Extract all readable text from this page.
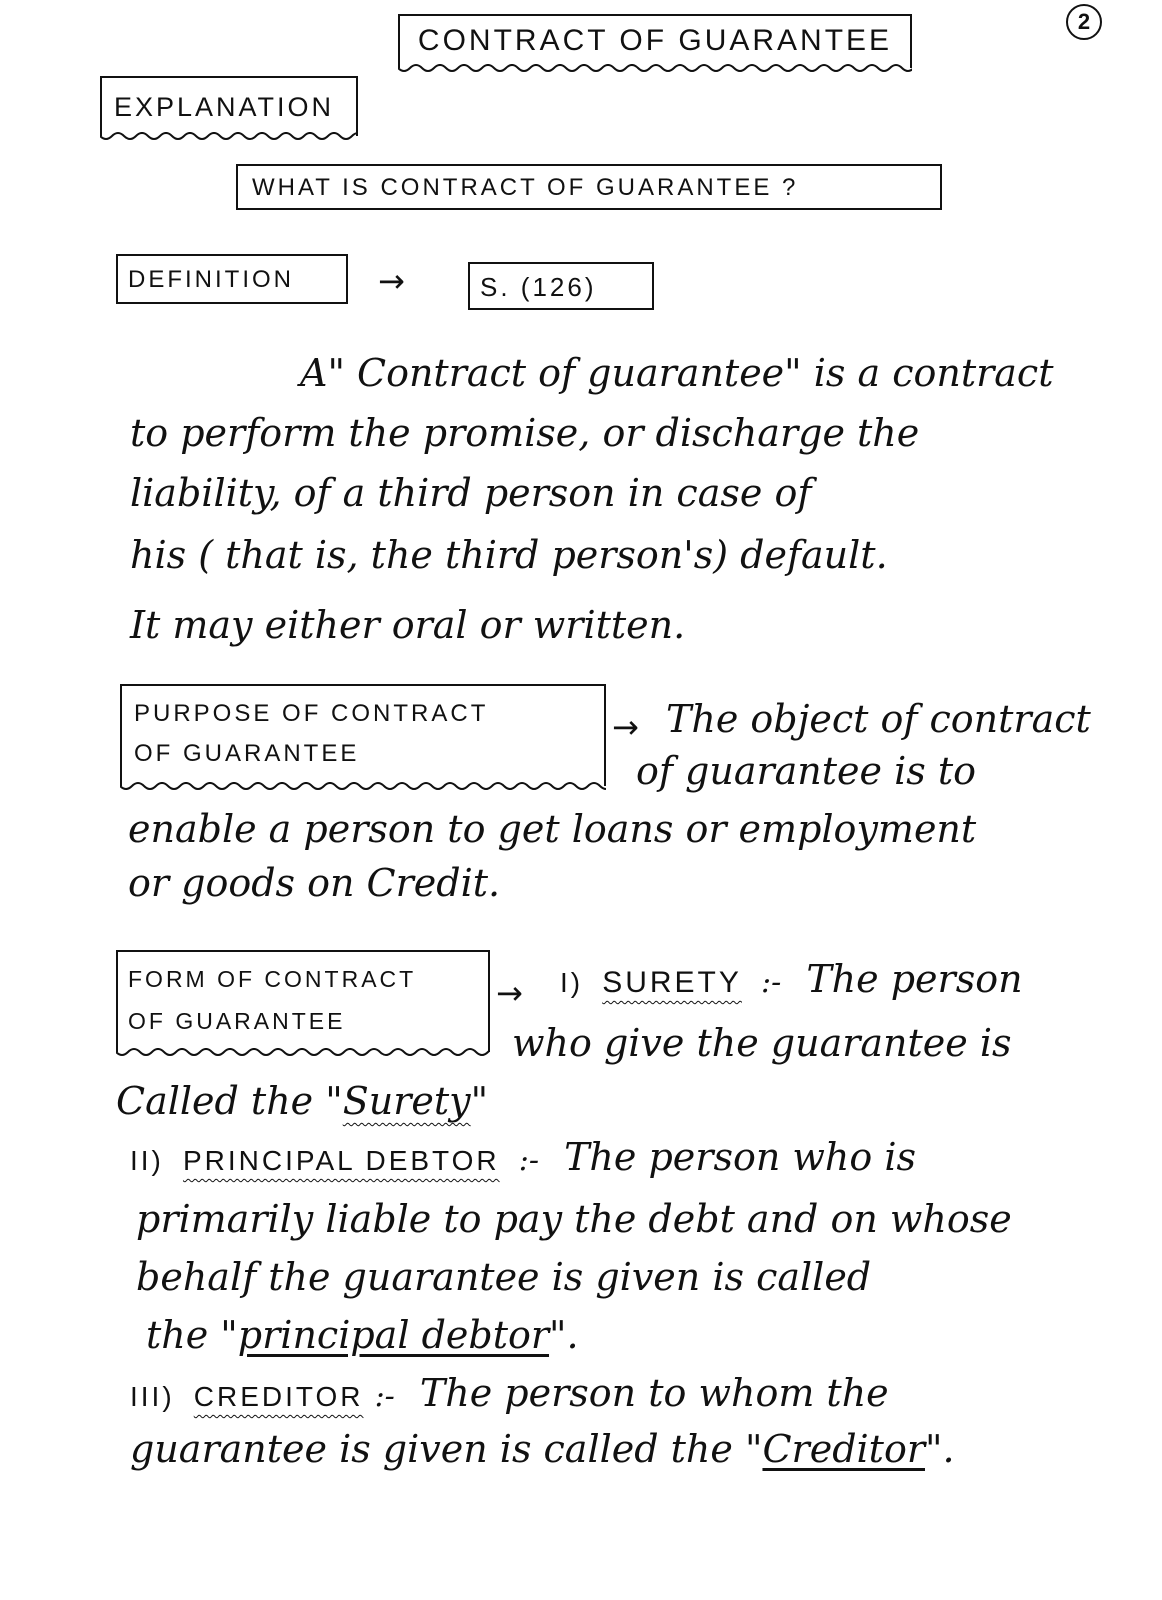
2
CONTRACT OF GUARANTEE
EXPLANATION
WHAT IS CONTRACT OF GUARANTEE ?
DEFINITION	→	S. (126)
A" Contract of guarantee" is a contract
to perform the promise, or discharge the
liability, of a third person in case of
his ( that is, the third person's) default.
It may either oral or written.
PURPOSE OF CONTRACT
OF GUARANTEE
→ The object of contract
of guarantee is to
enable a person to get loans or employment
or goods on Credit.
FORM OF CONTRACT
OF GUARANTEE
→ I) SURETY :- The person
who give the guarantee is
Called the "Surety"
II) PRINCIPAL DEBTOR :- The person who is
primarily liable to pay the debt and on whose
behalf the guarantee is given is called
the "principal debtor".
III) CREDITOR :- The person to whom the
guarantee is given is called the "Creditor".
